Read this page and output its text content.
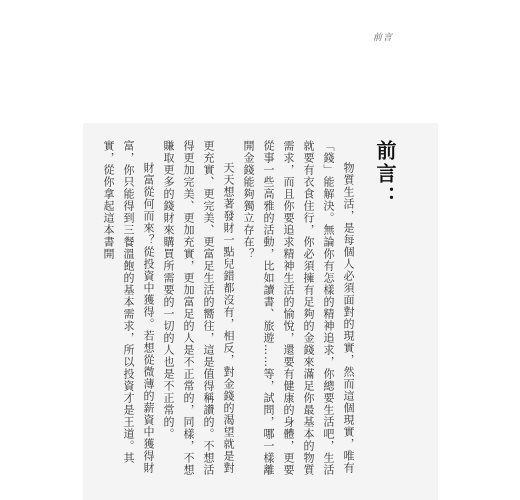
前言
前言：

物質生活，是每個人必須面對的現實，然而這個現實，唯有「錢」能解決。無論你有怎樣的精神追求，你總要生活吧，生活就要有衣食住行，你必須擁有足夠的金錢來滿足你最基本的物質需求，而且你要追求精神生活的愉悅，還要有健康的身體，更要從事一些高雅的活動，比如讀書、旅遊……等，試問，哪一樣離開金錢能夠獨立存在？

天天想著發財一點兒錯都沒有，相反，對金錢的渴望就是對更充實、更完美、更富足生活的嚮往，這是值得稱讚的。不想活得更加完美、更加充實，更加富足的人是不正常的，同樣，不想賺取更多的錢財來購買所需要的一切的人也是不正常的。

財富從何而來？從投資中獲得。若想從微薄的薪資中獲得財富，你只能得到三餐溫飽的基本需求，所以投資才是王道。其實，從你拿起這本書開
